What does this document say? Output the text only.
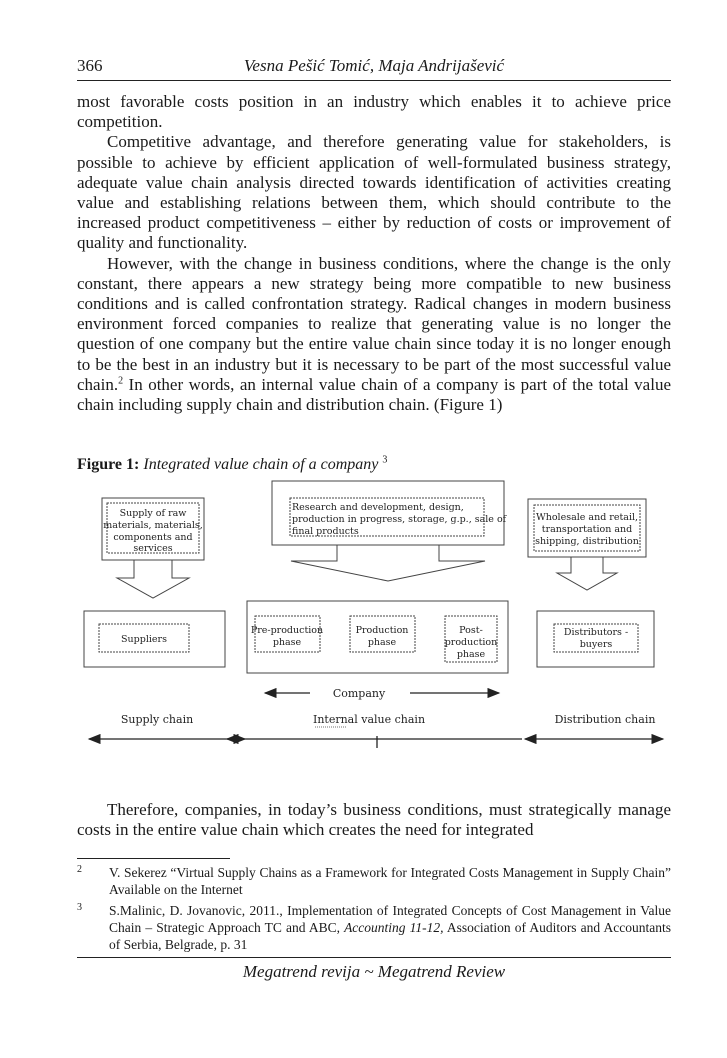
366	Vesna Pešić Tomić, Maja Andrijašević

most favorable costs position in an industry which enables it to achieve price competition.

Competitive advantage, and therefore generating value for stakeholders, is possible to achieve by efficient application of well-formulated business strategy, adequate value chain analysis directed towards identification of activities creating value and establishing relations between them, which should contribute to the increased product competitiveness – either by reduction of costs or improvement of quality and functionality.

However, with the change in business conditions, where the change is the only constant, there appears a new strategy being more compatible to new business conditions and is called confrontation strategy. Radical changes in modern business environment forced companies to realize that generating value is no longer the question of one company but the entire value chain since today it is no longer enough to be the best in an industry but it is necessary to be part of the most successful value chain.$^2$ In other words, an internal value chain of a company is part of the total value chain including supply chain and distribution chain. (Figure 1)

Figure 1: Integrated value chain of a company $^3$
Supply of raw
materials, materials,
components and
services
Research and development, design,
production in progress, storage, g.p., sale of
final products
Wholesale and retail,
transportation and
shipping, distribution
Suppliers
Pre-production
phase
Production
phase
Post-
production
phase
Distributors -
buyers
Company
Supply chain	Internal value chain	Distribution chain

Therefore, companies, in today’s business conditions, must strategically manage costs in the entire value chain which creates the need for integrated

2 V. Sekerez “Virtual Supply Chains as a Framework for Integrated Costs Management in Supply Chain” Available on the Internet
3 S.Malinic, D. Jovanovic, 2011., Implementation of Integrated Concepts of Cost Management in Value Chain – Strategic Approach TC and ABC, Accounting 11-12, Association of Auditors and Accountants of Serbia, Belgrade, p. 31
Megatrend revija ~ Megatrend Review
